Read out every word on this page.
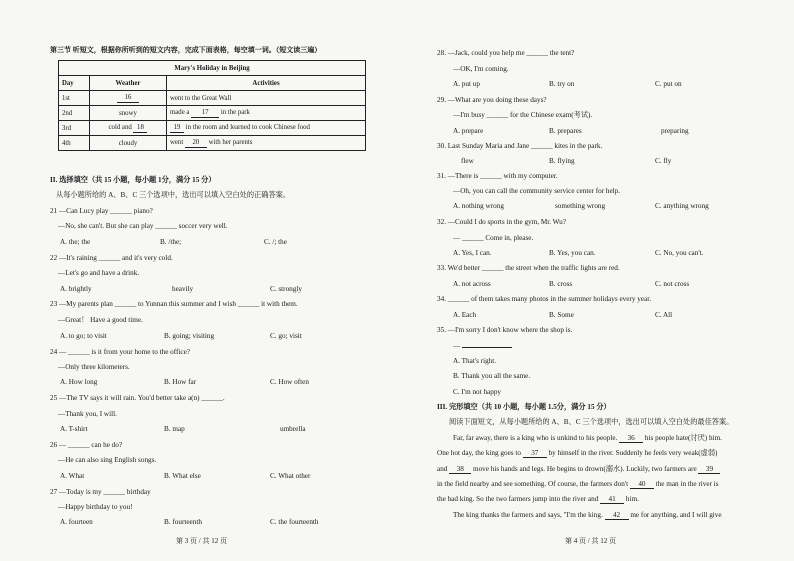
第三节 听短文，根据你所听到的短文内容，完成下面表格，每空填一词。（短文读三遍）
Mary's Holiday in Beijing		
Day	Weather	Activities
1st	16	went to the Great Wall
2nd	snowy	made a 17 in the park
3rd	cold and 18	19 in the room and learned to cook Chinese food
4th	cloudy	went 20 with her parents
II. 选择填空（共 15 小题，每小题 1分，满分 15 分）
从每小题所给的 A、B、C 三个选项中，选出可以填入空白处的正确答案。
21 —Can Lucy play ______ piano?
—No, she can't. But she can play ______ soccer very well.
A. the; the	B. /the;	C. /; the
22 —It's raining ______ and it's very cold.
—Let's go and have a drink.
A. brightly	heavily	C. strongly
23 —My parents plan ______ to Yunnan this summer and I wish ______ it with them.
—Great！ Have a good time.
A. to go; to visit	B. going; visiting	C. go; visit
24 — ______ is it from your home to the office?
—Only three kilometers.
A. How long	B. How far	C. How often
25 —The TV says it will rain. You'd better take a(n) ______.
—Thank you, I will.
A. T-shirt	B. map	umbrella
26 — ______ can he do?
—He can also sing English songs.
A. What	B. What else	C. What other
27 —Today is my ______ birthday
—Happy birthday to you!
A. fourteen	B. fourteenth	C. the fourteenth
第 3 页 / 共 12 页
28. —Jack, could you help me ______ the tent?
—OK, I'm coming.
A. put up	B. try on	C. put on
29. —What are you doing these days?
—I'm busy ______ for the Chinese exam(考试).
A. prepare	B. prepares	preparing
30. Last Sunday Maria and Jane ______ kites in the park.
flew	B. flying	C. fly
31. —There is ______ with my computer.
—Oh, you can call the community service center for help.
A. nothing wrong	something wrong	C. anything wrong
32. —Could I do sports in the gym, Mr. Wu?
— ______ Come in, please.
A. Yes, I can.	B. Yes, you can.	C. No, you can't.
33. We'd better ______ the street when the traffic lights are red.
A. not across	B. cross	C. not cross
34. ______ of them takes many photos in the summer holidays every year.
A. Each	B. Some	C. All
35. —I'm sorry I don't know where the shop is.
—
A. That's right.
B. Thank you all the same.
C. I'm not happy
III. 完形填空（共 10 小题，每小题 1.5分，满分 15 分）
阅读下面短文，从每小题所给的 A、B、C 三个选项中，选出可以填入空白处的最佳答案。
Far, far away, there is a king who is unkind to his people. 36 his people hate(讨厌) him.
One hot day, the king goes to 37 by himself in the river. Suddenly he feels very weak(虚弱)
and 38 move his hands and legs. He begins to drown(溺水). Luckily, two farmers are 39
in the field nearby and see something. Of course, the farmers don't 40 the man in the river is
the bad king. So the two farmers jump into the river and 41 him.
The king thanks the farmers and says, "I'm the king. 42 me for anything, and I will give
第 4 页 / 共 12 页
